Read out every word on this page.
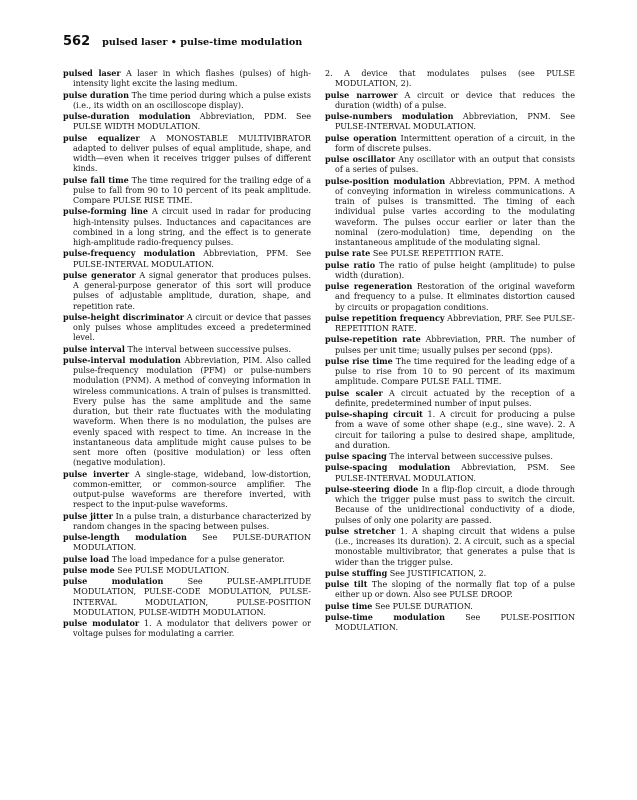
562 pulsed laser • pulse-time modulation
pulsed laser A laser in which flashes (pulses) of high-intensity light excite the lasing medium.
pulse duration The time period during which a pulse exists (i.e., its width on an oscilloscope display).
pulse-duration modulation Abbreviation, PDM. See PULSE WIDTH MODULATION.
pulse equalizer A MONOSTABLE MULTIVIBRATOR adapted to deliver pulses of equal amplitude, shape, and width—even when it receives trigger pulses of different kinds.
pulse fall time The time required for the trailing edge of a pulse to fall from 90 to 10 percent of its peak amplitude. Compare PULSE RISE TIME.
pulse-forming line A circuit used in radar for producing high-intensity pulses. Inductances and capacitances are combined in a long string, and the effect is to generate high-amplitude radio-frequency pulses.
pulse-frequency modulation Abbreviation, PFM. See PULSE-INTERVAL MODULATION.
pulse generator A signal generator that produces pulses. A general-purpose generator of this sort will produce pulses of adjustable amplitude, duration, shape, and repetition rate.
pulse-height discriminator A circuit or device that passes only pulses whose amplitudes exceed a predetermined level.
pulse interval The interval between successive pulses.
pulse-interval modulation Abbreviation, PIM. Also called pulse-frequency modulation (PFM) or pulse-numbers modulation (PNM). A method of conveying information in wireless communications. A train of pulses is transmitted. Every pulse has the same amplitude and the same duration, but their rate fluctuates with the modulating waveform. When there is no modulation, the pulses are evenly spaced with respect to time. An increase in the instantaneous data amplitude might cause pulses to be sent more often (positive modulation) or less often (negative modulation).
pulse inverter A single-stage, wideband, low-distortion, common-emitter, or common-source amplifier. The output-pulse waveforms are therefore inverted, with respect to the input-pulse waveforms.
pulse jitter In a pulse train, a disturbance characterized by random changes in the spacing between pulses.
pulse-length modulation See PULSE-DURATION MODULATION.
pulse load The load impedance for a pulse generator.
pulse mode See PULSE MODULATION.
pulse modulation	See PULSE-AMPLITUDE MODULATION, PULSE-CODE MODULATION, PULSE-INTERVAL MODULATION, PULSE-POSITION MODULATION, PULSE-WIDTH MODULATION.
pulse modulator 1. A modulator that delivers power or voltage pulses for modulating a carrier.
2. A device that modulates pulses (see PULSE MODULATION, 2).
pulse narrower A circuit or device that reduces the duration (width) of a pulse.
pulse-numbers modulation Abbreviation, PNM. See PULSE-INTERVAL MODULATION.
pulse operation Intermittent operation of a circuit, in the form of discrete pulses.
pulse oscillator Any oscillator with an output that consists of a series of pulses.
pulse-position modulation Abbreviation, PPM. A method of conveying information in wireless communications. A train of pulses is transmitted. The timing of each individual pulse varies according to the modulating waveform. The pulses occur earlier or later than the nominal (zero-modulation) time, depending on the instantaneous amplitude of the modulating signal.
pulse rate See PULSE REPETITION RATE.
pulse ratio The ratio of pulse height (amplitude) to pulse width (duration).
pulse regeneration Restoration of the original waveform and frequency to a pulse. It eliminates distortion caused by circuits or propagation conditions.
pulse repetition frequency Abbreviation, PRF. See PULSE-REPETITION RATE.
pulse-repetition rate Abbreviation, PRR. The number of pulses per unit time; usually pulses per second (pps).
pulse rise time The time required for the leading edge of a pulse to rise from 10 to 90 percent of its maximum amplitude. Compare PULSE FALL TIME.
pulse scaler A circuit actuated by the reception of a definite, predetermined number of input pulses.
pulse-shaping circuit 1. A circuit for producing a pulse from a wave of some other shape (e.g., sine wave). 2. A circuit for tailoring a pulse to desired shape, amplitude, and duration.
pulse spacing The interval between successive pulses.
pulse-spacing modulation Abbreviation, PSM. See PULSE-INTERVAL MODULATION.
pulse-steering diode In a flip-flop circuit, a diode through which the trigger pulse must pass to switch the circuit. Because of the unidirectional conductivity of a diode, pulses of only one polarity are passed.
pulse stretcher 1. A shaping circuit that widens a pulse (i.e., increases its duration). 2. A circuit, such as a special monostable multivibrator, that generates a pulse that is wider than the trigger pulse.
pulse stuffing See JUSTIFICATION, 2.
pulse tilt The sloping of the normally flat top of a pulse either up or down. Also see PULSE DROOP.
pulse time See PULSE DURATION.
pulse-time modulation	See PULSE-POSITION MODULATION.
